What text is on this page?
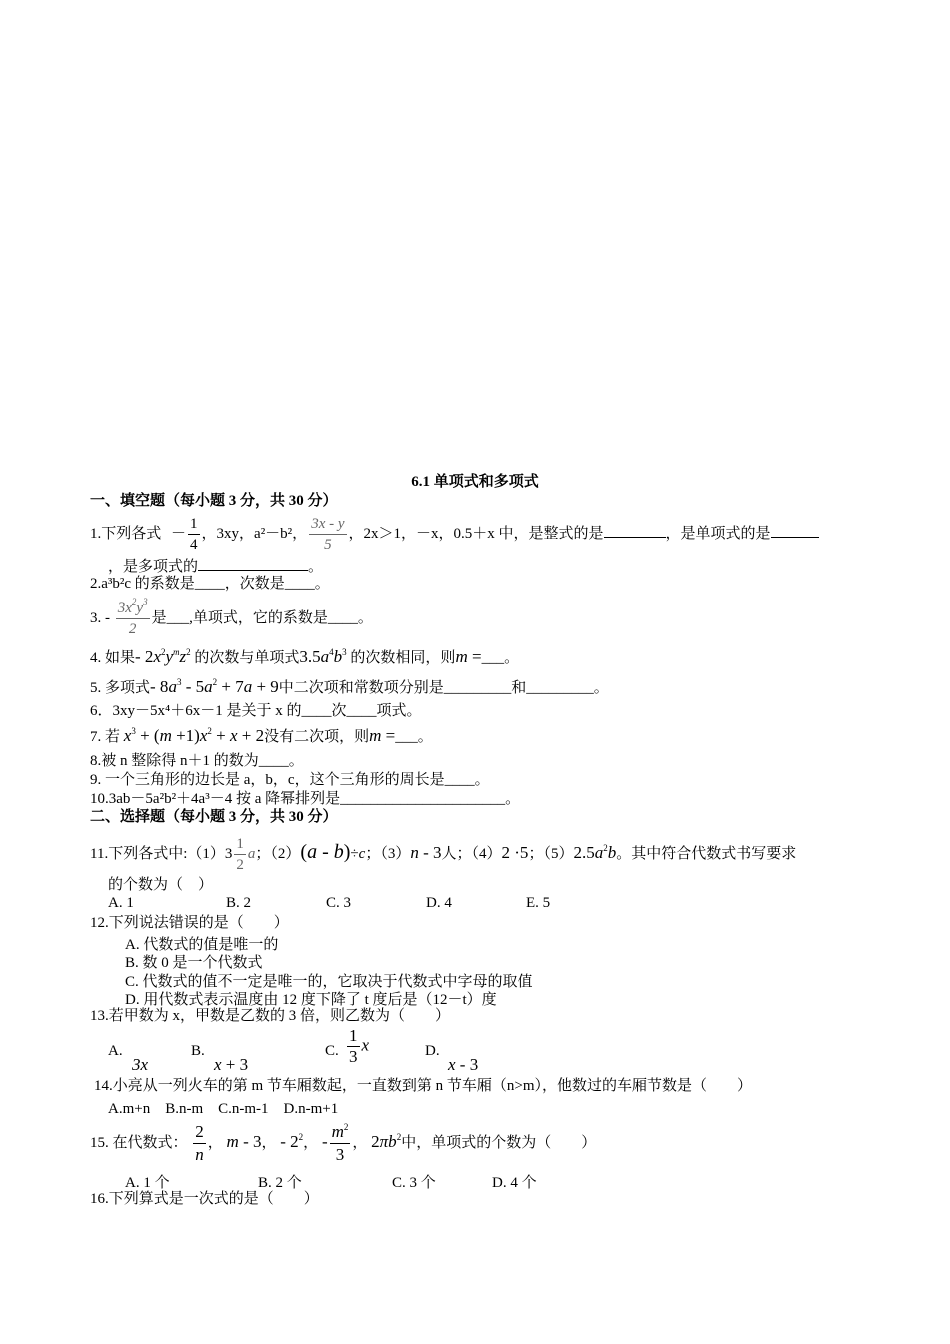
6.1 单项式和多项式
一、填空题（每小题 3 分，共 30 分）
1.下列各式 － $\frac{1}{4}$ ，3xy，a²－b²， $\frac{3x - y}{5}$ ，2x＞1，－x，0.5＋x 中，是整式的是	，是单项式的是
，是多项式的	。
2.a³b²c 的系数是____，次数是____。
3. - $\frac{3x^2y^3}{2}$ 是___,单项式，它的系数是____。
4. 如果- $2x^2y^mz^2$ 的次数与单项式$3.5a^4b^3$ 的次数相同，则m =___。
5. 多项式- $8a^3 - 5a^2 + 7a + 9$中二次项和常数项分别是_________和_________。
6．3xy－5x⁴＋6x－1 是关于 x 的____次____项式。
7. 若 $x^3 + (m +1)x^2 + x + 2$没有二次项，则m =___。
8.被 n 整除得 n＋1 的数为____。
9. 一个三角形的边长是 a，b，c，这个三角形的周长是____。
10.3ab－5a²b²＋4a³－4 按 a 降幂排列是______________________。
二、选择题（每小题 3 分，共 30 分）
11.下列各式中:（1）3 $\frac{1}{2}$ a；（2）(a - b)÷c；（3）n - 3人；（4）2 ·5；$(5)2.5a^2b$。其中符合代数式书写要求
的个数为（　）
A. 1	B. 2	C. 3	D. 4	E. 5
12.下列说法错误的是（　　）
A. 代数式的值是唯一的
B. 数 0 是一个代数式
C. 代数式的值不一定是唯一的，它取决于代数式中字母的取值
D. 用代数式表示温度由 12 度下降了 t 度后是（12－t）度
13.若甲数为 x，甲数是乙数的 3 倍，则乙数为（　　）
A.
3x
B.
x + 3
C. $\frac{1}{3}$ x	D.
x - 3
14.小亮从一列火车的第 m 节车厢数起，一直数到第 n 节车厢（n>m），他数过的车厢节数是（　　）
A.m+n　B.n-m　C.n-m-1　D.n-m+1
15. 在代数式： $\frac{2}{n}$ ， m - 3， - $2^2$， - $\frac{m^2}{3}$ ， $2\pi b^2$中，单项式的个数为（　　）
A. 1 个	B. 2 个	C. 3 个	D. 4 个
16.下列算式是一次式的是（　　）
